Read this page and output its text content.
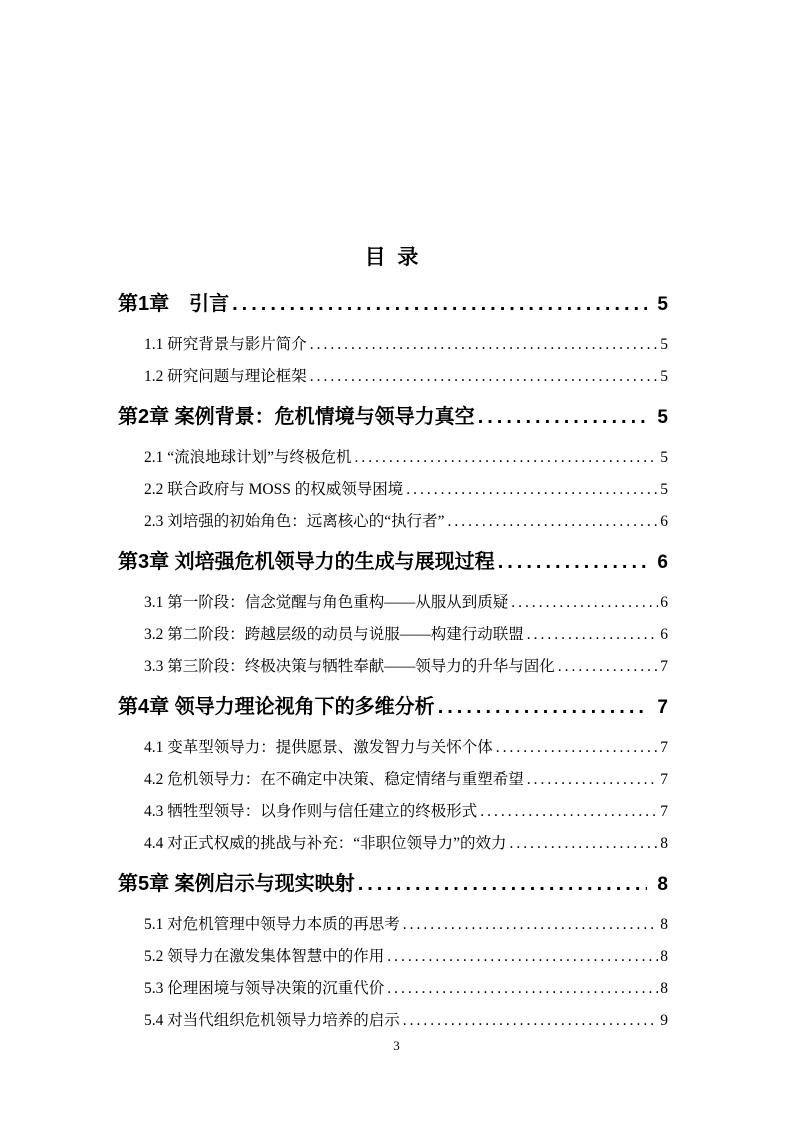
目 录
第1章　引言 .....	5
1.1 研究背景与影片简介 .....	5
1.2 研究问题与理论框架 .....	5
第2章 案例背景：危机情境与领导力真空 .....	5
2.1 “流浪地球计划”与终极危机 .....	5
2.2 联合政府与 MOSS 的权威领导困境 .....	5
2.3 刘培强的初始角色：远离核心的“执行者” .....	6
第3章 刘培强危机领导力的生成与展现过程 .....	6
3.1 第一阶段：信念觉醒与角色重构——从服从到质疑 .....	6
3.2 第二阶段：跨越层级的动员与说服——构建行动联盟 .....	6
3.3 第三阶段：终极决策与牺牲奉献——领导力的升华与固化 .....	7
第4章 领导力理论视角下的多维分析 .....	7
4.1 变革型领导力：提供愿景、激发智力与关怀个体 .....	7
4.2 危机领导力：在不确定中决策、稳定情绪与重塑希望 .....	7
4.3 牺牲型领导：以身作则与信任建立的终极形式 .....	7
4.4 对正式权威的挑战与补充：“非职位领导力”的效力 .....	8
第5章 案例启示与现实映射 .....	8
5.1 对危机管理中领导力本质的再思考 .....	8
5.2 领导力在激发集体智慧中的作用 .....	8
5.3 伦理困境与领导决策的沉重代价 .....	8
5.4 对当代组织危机领导力培养的启示 .....	9
3
